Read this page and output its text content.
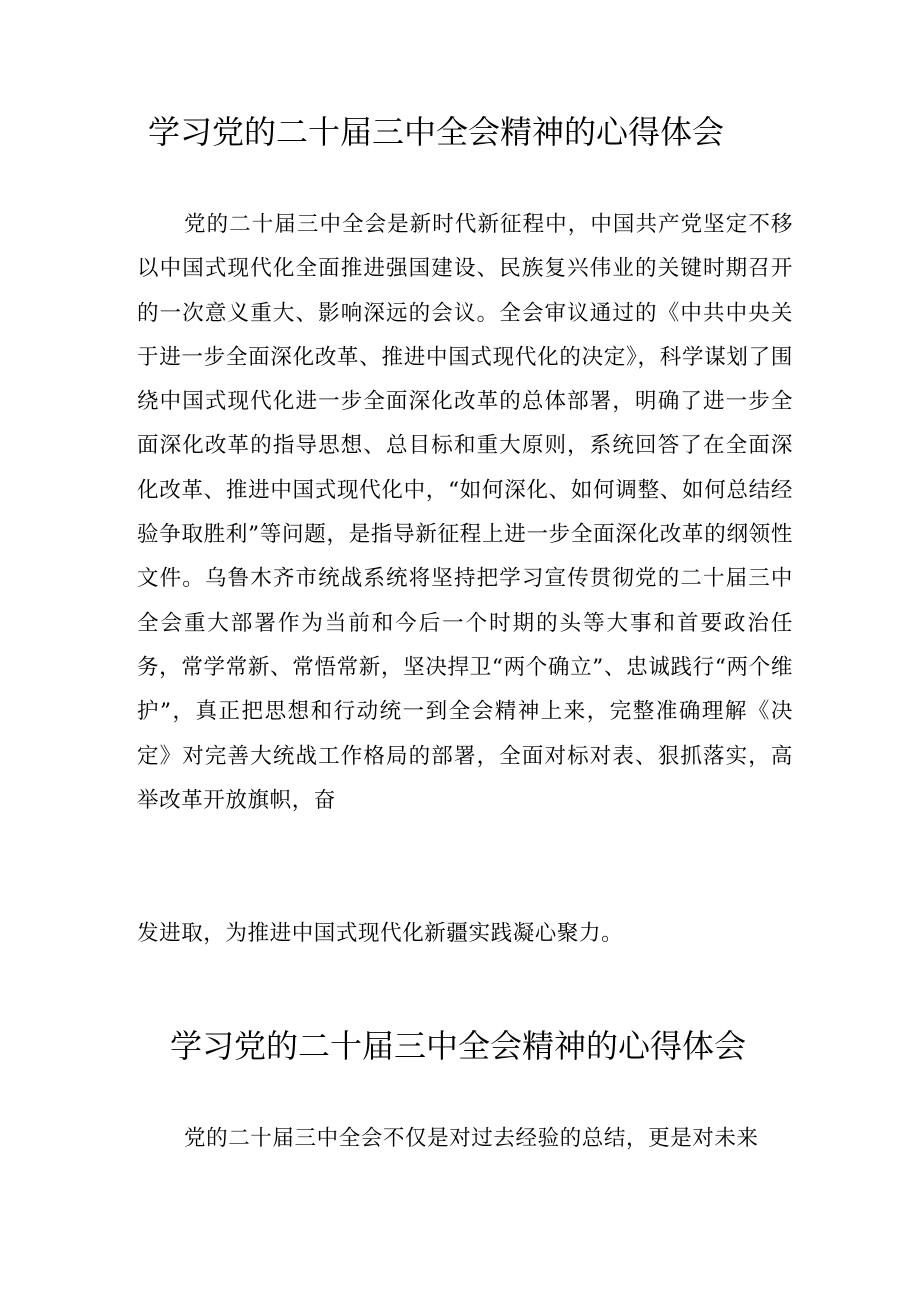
学习党的二十届三中全会精神的心得体会

党的二十届三中全会是新时代新征程中，中国共产党坚定不移以中国式现代化全面推进强国建设、民族复兴伟业的关键时期召开的一次意义重大、影响深远的会议。全会审议通过的《中共中央关于进一步全面深化改革、推进中国式现代化的决定》，科学谋划了围绕中国式现代化进一步全面深化改革的总体部署，明确了进一步全面深化改革的指导思想、总目标和重大原则，系统回答了在全面深化改革、推进中国式现代化中，“如何深化、如何调整、如何总结经验争取胜利”等问题，是指导新征程上进一步全面深化改革的纲领性文件。乌鲁木齐市统战系统将坚持把学习宣传贯彻党的二十届三中全会重大部署作为当前和今后一个时期的头等大事和首要政治任务，常学常新、常悟常新，坚决捍卫“两个确立”、忠诚践行“两个维护”，真正把思想和行动统一到全会精神上来，完整准确理解《决定》对完善大统战工作格局的部署，全面对标对表、狠抓落实，高举改革开放旗帜，奋

发进取，为推进中国式现代化新疆实践凝心聚力。

学习党的二十届三中全会精神的心得体会

党的二十届三中全会不仅是对过去经验的总结，更是对未来
